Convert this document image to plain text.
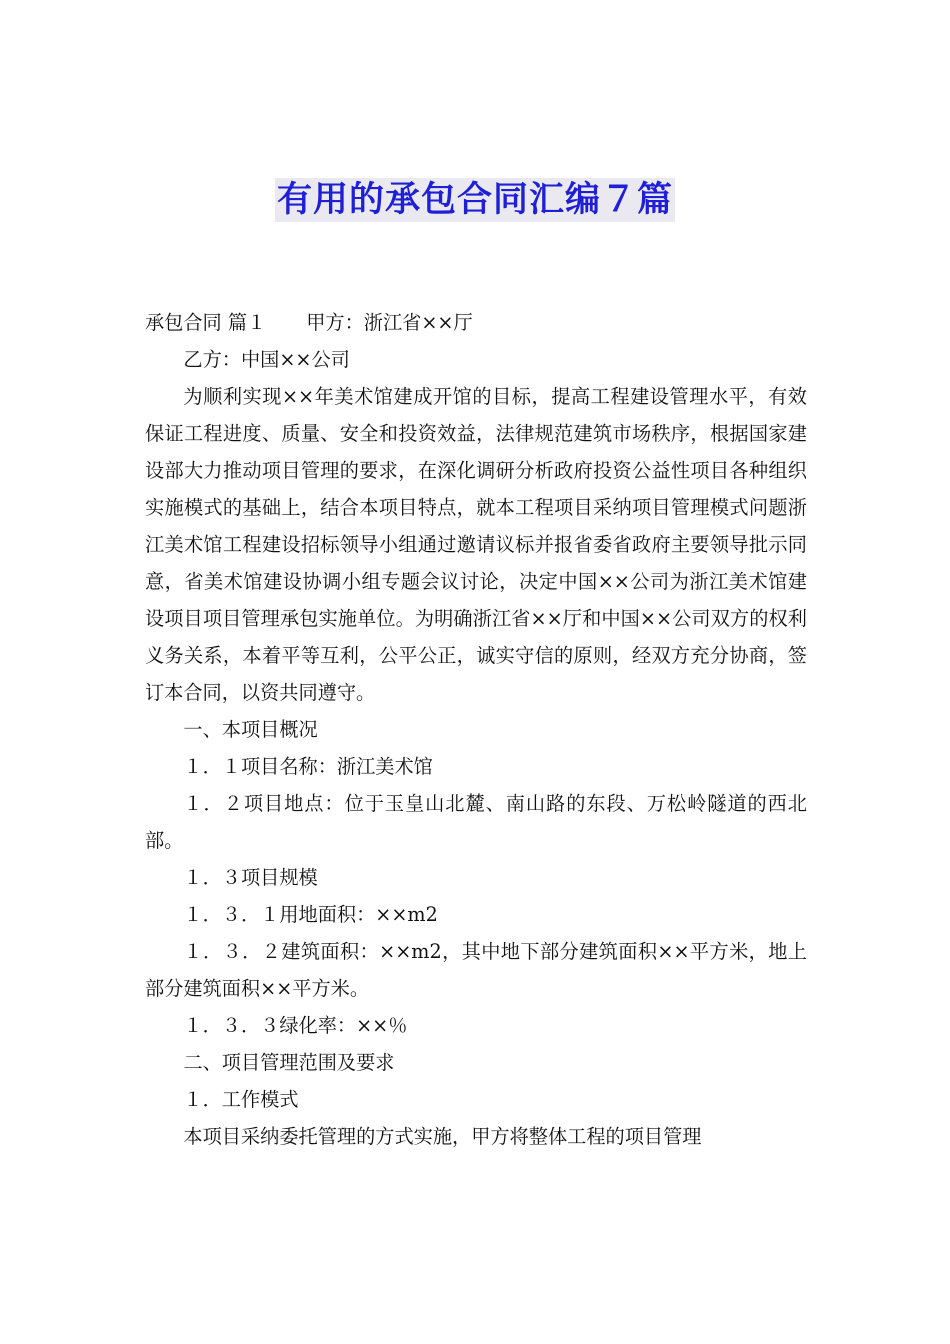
有用的承包合同汇编７篇

承包合同 篇１ 甲方：浙江省××厅

乙方：中国××公司

为顺利实现××年美术馆建成开馆的目标，提高工程建设管理水平，有效保证工程进度、质量、安全和投资效益，法律规范建筑市场秩序，根据国家建设部大力推动项目管理的要求，在深化调研分析政府投资公益性项目各种组织实施模式的基础上，结合本项目特点，就本工程项目采纳项目管理模式问题浙江美术馆工程建设招标领导小组通过邀请议标并报省委省政府主要领导批示同意，省美术馆建设协调小组专题会议讨论，决定中国××公司为浙江美术馆建设项目项目管理承包实施单位。为明确浙江省××厅和中国××公司双方的权利义务关系，本着平等互利，公平公正，诚实守信的原则，经双方充分协商，签订本合同，以资共同遵守。

一、本项目概况

１．１项目名称：浙江美术馆

１．２项目地点：位于玉皇山北麓、南山路的东段、万松岭隧道的西北部。

１．３项目规模

１．３．１用地面积：××m2

１．３．２建筑面积：××m2，其中地下部分建筑面积××平方米，地上部分建筑面积××平方米。

１．３．３绿化率：××％

二、项目管理范围及要求

１．工作模式

本项目采纳委托管理的方式实施，甲方将整体工程的项目管理
